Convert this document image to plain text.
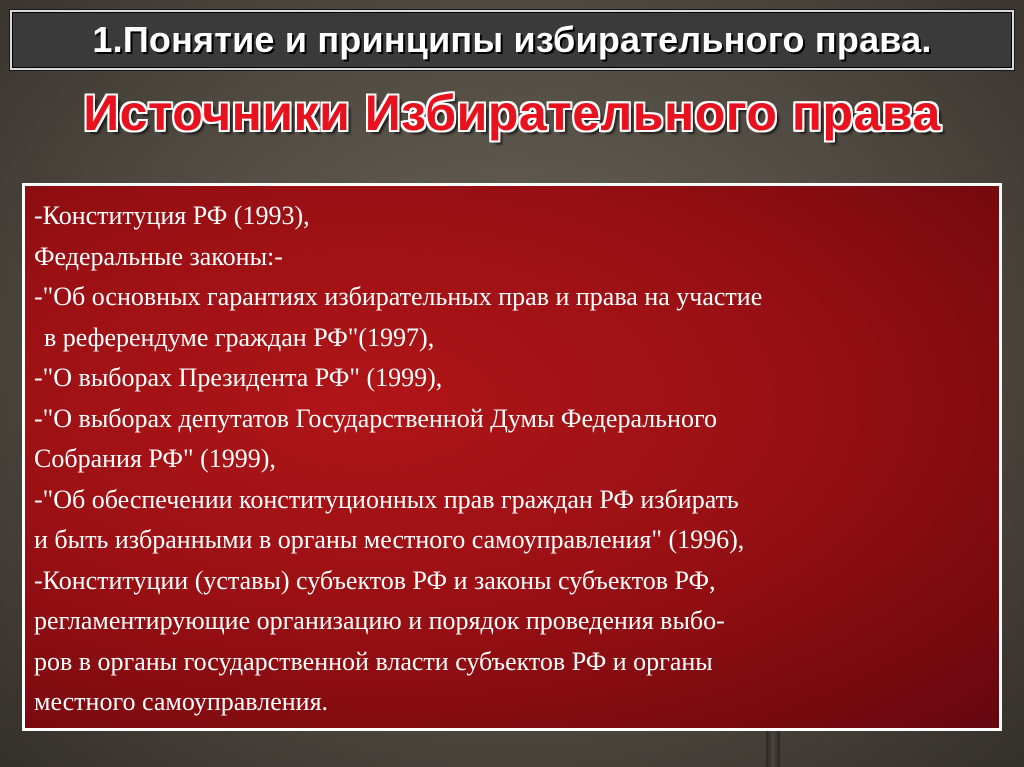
1.Понятие и принципы избирательного права.
Источники Избирательного права
-Конституция РФ (1993),
Федеральные законы:-
-"Об основных гарантиях избирательных прав и права на участие
в референдуме граждан РФ"(1997),
-"О выборах Президента РФ" (1999),
-"О выборах депутатов Государственной Думы Федерального
Собрания РФ" (1999),
-"Об обеспечении конституционных прав граждан РФ избирать
и быть избранными в органы местного самоуправления" (1996),
-Конституции (уставы) субъектов РФ и законы субъектов РФ,
регламентирующие организацию и порядок проведения выбо-
ров в органы государственной власти субъектов РФ и органы
местного самоуправления.
